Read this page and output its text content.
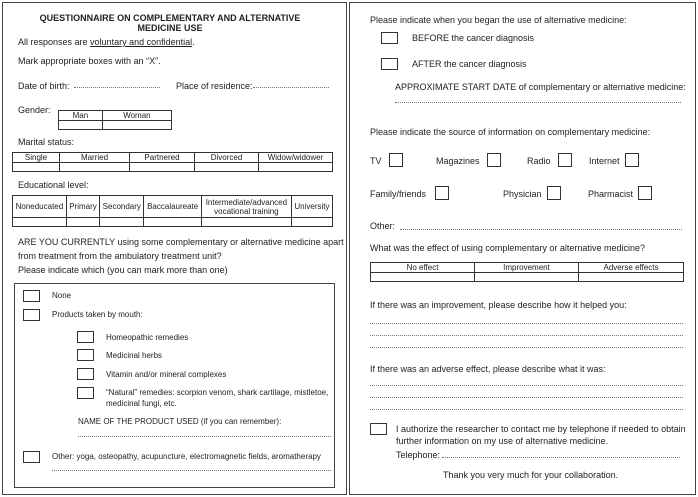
QUESTIONNAIRE ON COMPLEMENTARY AND ALTERNATIVE
MEDICINE USE
All responses are voluntary and confidential.
Mark appropriate boxes with an “X”.
Date of birth:	Place of residence:
Gender:
Man	Woman

Marital status:
Single	Married	Partnered	Divorced	Widow/widower

Educational level:
Noneducated	Primary	Secondary	Baccalaureate	Intermediate/advanced vocational training	University

ARE YOU CURRENTLY using some complementary or alternative medicine apart
from treatment from the ambulatory treatment unit?
Please indicate which (you can mark more than one)
None
Products taken by mouth:
Homeopathic remedies
Medicinal herbs
Vitamin and/or mineral complexes
“Natural” remedies: scorpion venom, shark cartilage, mistletoe,
medicinal fungi, etc.
NAME OF THE PRODUCT USED (if you can remember):
Other: yoga, osteopathy, acupuncture, electromagnetic fields, aromatherapy
Please indicate when you began the use of alternative medicine:
BEFORE the cancer diagnosis
AFTER the cancer diagnosis
APPROXIMATE START DATE of complementary or alternative medicine:
Please indicate the source of information on complementary medicine:
TV	Magazines	Radio	Internet
Family/friends	Physician	Pharmacist
Other:
What was the effect of using complementary or alternative medicine?
No effect	Improvement	Adverse effects

If there was an improvement, please describe how it helped you:
If there was an adverse effect, please describe what it was:
I authorize the researcher to contact me by telephone if needed to obtain
further information on my use of alternative medicine.
Telephone:
Thank you very much for your collaboration.
